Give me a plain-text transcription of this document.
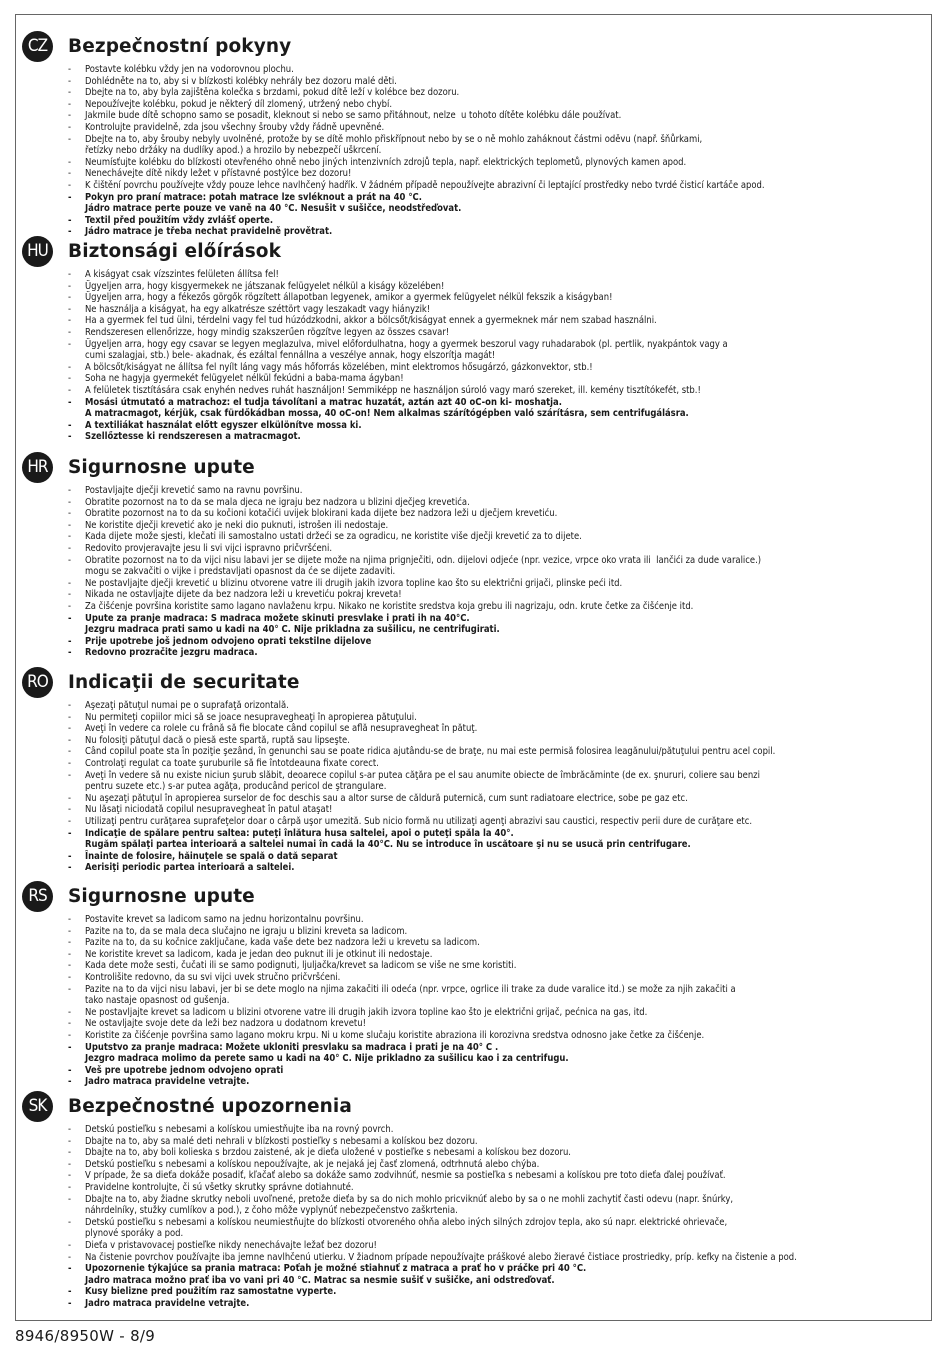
CZ	Bezpečnostní pokyny
- Postavte kolébku vždy jen na vodorovnou plochu.
- Dohlédněte na to, aby si v blízkosti kolébky nehrály bez dozoru malé děti.
- Dbejte na to, aby byla zajištěna kolečka s brzdami, pokud dítě leží v kolébce bez dozoru.
- Nepoužívejte kolébku, pokud je některý díl zlomený, utržený nebo chybí.
- Jakmile bude dítě schopno samo se posadit, kleknout si nebo se samo přitáhnout, nelze  u tohoto dítěte kolébku dále používat.
- Kontrolujte pravidelně, zda jsou všechny šrouby vždy řádně upevněné.
- Dbejte na to, aby šrouby nebyly uvolněné, protože by se dítě mohlo přiskřípnout nebo by se o ně mohlo zaháknout částmi oděvu (např. šňůrkami,
řetízky nebo držáky na dudlíky apod.) a hrozilo by nebezpečí uškrcení.
- Neumísťujte kolébku do blízkosti otevřeného ohně nebo jiných intenzivních zdrojů tepla, např. elektrických teplometů, plynových kamen apod.
- Nenechávejte dítě nikdy ležet v přístavné postýlce bez dozoru!
- K čištění povrchu používejte vždy pouze lehce navlhčený hadřík. V žádném případě nepoužívejte abrazivní či leptající prostředky nebo tvrdé čisticí kartáče apod.
- Pokyn pro praní matrace: potah matrace lze svléknout a prát na 40 °C.
Jádro matrace perte pouze ve vaně na 40 °C. Nesušit v sušičce, neodstřeďovat.
- Textil před použitím vždy zvlášť operte.
- Jádro matrace je třeba nechat pravidelně provětrat.
HU Biztonsági előírások
- A kiságyat csak vízszintes felületen állítsa fel!
- Ügyeljen arra, hogy kisgyermekek ne játszanak felügyelet nélkül a kiságy közelében!
- Ügyeljen arra, hogy a fékezős görgők rögzített állapotban legyenek, amikor a gyermek felügyelet nélkül fekszik a kiságyban!
- Ne használja a kiságyat, ha egy alkatrésze széttört vagy leszakadt vagy hiányzik!
- Ha a gyermek fel tud ülni, térdelni vagy fel tud húzódzkodni, akkor a bölcsőt/kiságyat ennek a gyermeknek már nem szabad használni.
- Rendszeresen ellenőrizze, hogy mindig szakszerűen rögzítve legyen az összes csavar!
- Ügyeljen arra, hogy egy csavar se legyen meglazulva, mivel előfordulhatna, hogy a gyermek beszorul vagy ruhadarabok (pl. pertlik, nyakpántok vagy a
cumi szalagjai, stb.) bele- akadnak, és ezáltal fennállna a veszélye annak, hogy elszorítja magát!
- A bölcsőt/kiságyat ne állítsa fel nyílt láng vagy más hőforrás közelében, mint elektromos hősugárzó, gázkonvektor, stb.!
- Soha ne hagyja gyermekét felügyelet nélkül fekúdni a baba-mama ágyban!
- A felületek tisztítására csak enyhén nedves ruhát használjon! Semmiképp ne használjon súroló vagy maró szereket, ill. kemény tisztítókefét, stb.!
- Mosási útmutató a matrachoz: el tudja távolítani a matrac huzatát, aztán azt 40 oC-on ki- moshatja.
A matracmagot, kérjük, csak fürdőkádban mossa, 40 oC-on! Nem alkalmas szárítógépben való szárításra, sem centrifugálásra.
- A textiliákat használat előtt egyszer elkülönítve mossa ki.
- Szellőztesse ki rendszeresen a matracmagot.
HR Sigurnosne upute
- Postavljajte dječji krevetić samo na ravnu površinu.
- Obratite pozornost na to da se mala djeca ne igraju bez nadzora u blizini dječjeg krevetića.
- Obratite pozornost na to da su kočioni kotačići uvijek blokirani kada dijete bez nadzora leži u dječjem krevetiću.
- Ne koristite dječji krevetić ako je neki dio puknuti, istrošen ili nedostaje.
- Kada dijete može sjesti, klečati ili samostalno ustati držeći se za ogradicu, ne koristite više dječji krevetić za to dijete.
- Redovito provjeravajte jesu li svi vijci ispravno pričvršćeni.
- Obratite pozornost na to da vijci nisu labavi jer se dijete može na njima prignječiti, odn. dijelovi odjeće (npr. vezice, vrpce oko vrata ili  lančići za dude varalice.)
mogu se zakvačiti o vijke i predstavljati opasnost da će se dijete zadaviti.
- Ne postavljajte dječji krevetić u blizinu otvorene vatre ili drugih jakih izvora topline kao što su električni grijači, plinske peći itd.
- Nikada ne ostavljajte dijete da bez nadzora leži u krevetiću pokraj kreveta!
- Za čišćenje površina koristite samo lagano navlaženu krpu. Nikako ne koristite sredstva koja grebu ili nagrizaju, odn. krute četke za čišćenje itd.
- Upute za pranje madraca: S madraca možete skinuti presvlake i prati ih na 40°C.
Jezgru madraca prati samo u kadi na 40° C. Nije prikladna za sušilicu, ne centrifugirati.
- Prije upotrebe još jednom odvojeno oprati tekstilne dijelove
- Redovno prozračite jezgru madraca.
RO Indicaţii de securitate
- Aşezaţi pătuţul numai pe o suprafaţă orizontală.
- Nu permiteţi copiilor mici să se joace nesupravegheaţi în apropierea pătuţului.
- Aveţi în vedere ca rolele cu frână să fie blocate când copilul se află nesupravegheat în pătuţ.
- Nu folosiţi pătuţul dacă o piesă este spartă, ruptă sau lipseşte.
- Când copilul poate sta în poziţie şezând, în genunchi sau se poate ridica ajutându-se de braţe, nu mai este permisă folosirea leagănului/pătuţului pentru acel copil.
- Controlaţi regulat ca toate şuruburile să fie întotdeauna fixate corect.
- Aveţi în vedere să nu existe niciun şurub slăbit, deoarece copilul s-ar putea căţăra pe el sau anumite obiecte de îmbrăcăminte (de ex. şnururi, coliere sau benzi
pentru suzete etc.) s-ar putea agăţa, producând pericol de ştrangulare.
- Nu aşezaţi pătuţul în apropierea surselor de foc deschis sau a altor surse de căldură puternică, cum sunt radiatoare electrice, sobe pe gaz etc.
- Nu lăsaţi niciodată copilul nesupravegheat în patul ataşat!
- Utilizaţi pentru curăţarea suprafeţelor doar o cârpă uşor umezită. Sub nicio formă nu utilizaţi agenţi abrazivi sau caustici, respectiv perii dure de curăţare etc.
- Indicaţie de spălare pentru saltea: puteţi înlătura husa saltelei, apoi o puteţi spăla la 40°.
Rugăm spălaţi partea interioară a saltelei numai în cadă la 40°C. Nu se introduce în uscătoare şi nu se usucă prin centrifugare.
- Înainte de folosire, hăinuţele se spală o dată separat
- Aerisiţi periodic partea interioară a saltelei.
RS	Sigurnosne upute
- Postavite krevet sa ladicom samo na jednu horizontalnu površinu.
- Pazite na to, da se mala deca slučajno ne igraju u blizini kreveta sa ladicom.
- Pazite na to, da su kočnice zaključane, kada vaše dete bez nadzora leži u krevetu sa ladicom.
- Ne koristite krevet sa ladicom, kada je jedan deo puknut ili je otkinut ili nedostaje.
- Kada dete može sesti, čučati ili se samo podignuti, ljuljačka/krevet sa ladicom se više ne sme koristiti.
- Kontrolišite redovno, da su svi vijci uvek stručno pričvršćeni.
- Pazite na to da vijci nisu labavi, jer bi se dete moglo na njima zakačiti ili odeća (npr. vrpce, ogrlice ili trake za dude varalice itd.) se može za njih zakačiti a
tako nastaje opasnost od gušenja.
- Ne postavljajte krevet sa ladicom u blizini otvorene vatre ili drugih jakih izvora topline kao što je električni grijač, pećnica na gas, itd.
- Ne ostavljajte svoje dete da leži bez nadzora u dodatnom krevetu!
- Koristite za čišćenje površina samo lagano mokru krpu. Ni u kome slučaju koristite abraziona ili korozivna sredstva odnosno jake četke za čišćenje.
- Uputstvo za pranje madraca: Možete ukloniti presvlaku sa madraca i prati je na 40° C .
Jezgro madraca molimo da perete samo u kadi na 40° C. Nije prikladno za sušilicu kao i za centrifugu.
- Veš pre upotrebe jednom odvojeno oprati
- Jadro matraca pravidelne vetrajte.
SK	Bezpečnostné upozornenia
- Detskú postieľku s nebesami a kolískou umiestňujte iba na rovný povrch.
- Dbajte na to, aby sa malé deti nehrali v blízkosti postieľky s nebesami a kolískou bez dozoru.
- Dbajte na to, aby boli kolieska s brzdou zaistené, ak je dieťa uložené v postieľke s nebesami a kolískou bez dozoru.
- Detskú postieľku s nebesami a kolískou nepoužívajte, ak je nejaká jej časť zlomená, odtrhnutá alebo chýba.
- V prípade, že sa dieťa dokáže posadiť, kľačať alebo sa dokáže samo zodvihnúť, nesmie sa postieľka s nebesami a kolískou pre toto dieťa ďalej používať.
- Pravidelne kontrolujte, či sú všetky skrutky správne dotiahnuté.
- Dbajte na to, aby žiadne skrutky neboli uvoľnené, pretože dieťa by sa do nich mohlo pricviknúť alebo by sa o ne mohli zachytiť časti odevu (napr. šnúrky,
náhrdelníky, stužky cumlíkov a pod.), z čoho môže vyplynúť nebezpečenstvo zaškrtenia.
- Detskú postieľku s nebesami a kolískou neumiestňujte do blízkosti otvoreného ohňa alebo iných silných zdrojov tepla, ako sú napr. elektrické ohrievače,
plynové sporáky a pod.
- Dieťa v pristavovacej postieľke nikdy nenechávajte ležať bez dozoru!
- Na čistenie povrchov používajte iba jemne navlhčenú utierku. V žiadnom prípade nepoužívajte práškové alebo žieravé čistiace prostriedky, príp. kefky na čistenie a pod.
- Upozornenie týkajúce sa prania matraca: Poťah je možné stiahnuť z matraca a prať ho v práčke pri 40 °C.
Jadro matraca možno prať iba vo vani pri 40 °C. Matrac sa nesmie sušiť v sušičke, ani odstreďovať.
- Kusy bielizne pred použitím raz samostatne vyperte.
- Jadro matraca pravidelne vetrajte.
8946/8950W - 8/9
